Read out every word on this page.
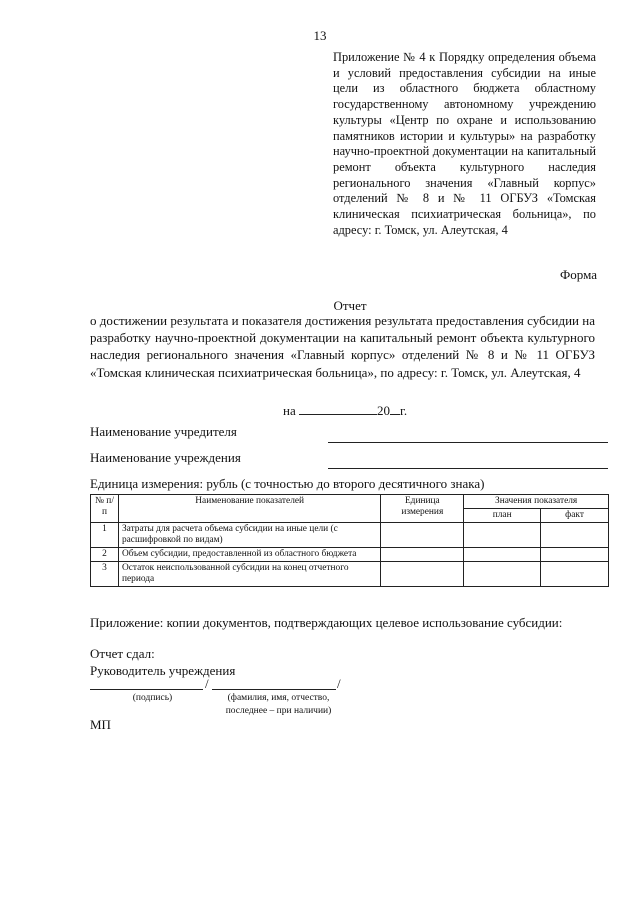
13

Приложение № 4 к Порядку определения объема и условий предоставления субсидии на иные цели из областного бюджета областному государственному автономному учреждению культуры «Центр по охране и использованию памятников истории и культуры» на разработку научно-проектной документации на капитальный ремонт объекта культурного наследия регионального значения «Главный корпус» отделений № 8 и № 11 ОГБУЗ «Томская клиническая психиатрическая больница», по адресу: г. Томск, ул. Алеутская, 4

Форма
Отчет

о достижении результата и показателя достижения результата предоставления субсидии на разработку научно-проектной документации на капитальный ремонт объекта культурного наследия регионального значения «Главный корпус» отделений № 8 и № 11 ОГБУЗ «Томская клиническая психиатрическая больница», по адресу: г. Томск, ул. Алеутская, 4

на	20 г.
Наименование учредителя
Наименование учреждения
Единица измерения: рубль (с точностью до второго десятичного знака)
№ п/п	Наименование показателей	Единица измерения	Значения показателя	
			план	факт
1	Затраты для расчета объема субсидии на иные цели (с расшифровкой по видам)			
2	Объем субсидии, предоставленной из областного бюджета			
3	Остаток неиспользованной субсидии на конец отчетного периода			
Приложение: копии документов, подтверждающих целевое использование субсидии:
Отчет сдал:
Руководитель учреждения
/	/
(подпись)	(фамилия, имя, отчество,
последнее – при наличии)
МП
